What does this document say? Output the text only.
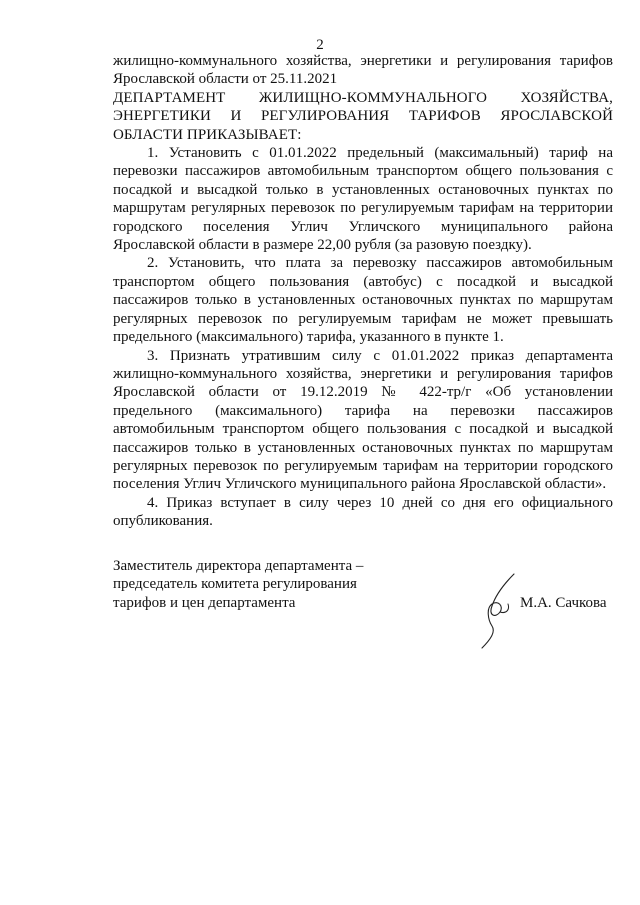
2

жилищно-коммунального хозяйства, энергетики и регулирования тарифов Ярославской области от 25.11.2021

ДЕПАРТАМЕНТ ЖИЛИЩНО-КОММУНАЛЬНОГО ХОЗЯЙСТВА, ЭНЕРГЕТИКИ И РЕГУЛИРОВАНИЯ ТАРИФОВ ЯРОСЛАВСКОЙ ОБЛАСТИ ПРИКАЗЫВАЕТ:

1. Установить с 01.01.2022 предельный (максимальный) тариф на перевозки пассажиров автомобильным транспортом общего пользования с посадкой и высадкой только в установленных остановочных пунктах по маршрутам регулярных перевозок по регулируемым тарифам на территории городского поселения Углич Угличского муниципального района Ярославской области в размере 22,00 рубля (за разовую поездку).

2. Установить, что плата за перевозку пассажиров автомобильным транспортом общего пользования (автобус) с посадкой и высадкой пассажиров только в установленных остановочных пунктах по маршрутам регулярных перевозок по регулируемым тарифам не может превышать предельного (максимального) тарифа, указанного в пункте 1.

3. Признать утратившим силу с 01.01.2022 приказ департамента жилищно-коммунального хозяйства, энергетики и регулирования тарифов Ярославской области от 19.12.2019 № 422-тр/г «Об установлении предельного (максимального) тарифа на перевозки пассажиров автомобильным транспортом общего пользования с посадкой и высадкой пассажиров только в установленных остановочных пунктах по маршрутам регулярных перевозок по регулируемым тарифам на территории городского поселения Углич Угличского муниципального района Ярославской области».

4. Приказ вступает в силу через 10 дней со дня его официального опубликования.

Заместитель директора департамента –
председатель комитета регулирования
тарифов и цен департамента	М.А. Сачкова
